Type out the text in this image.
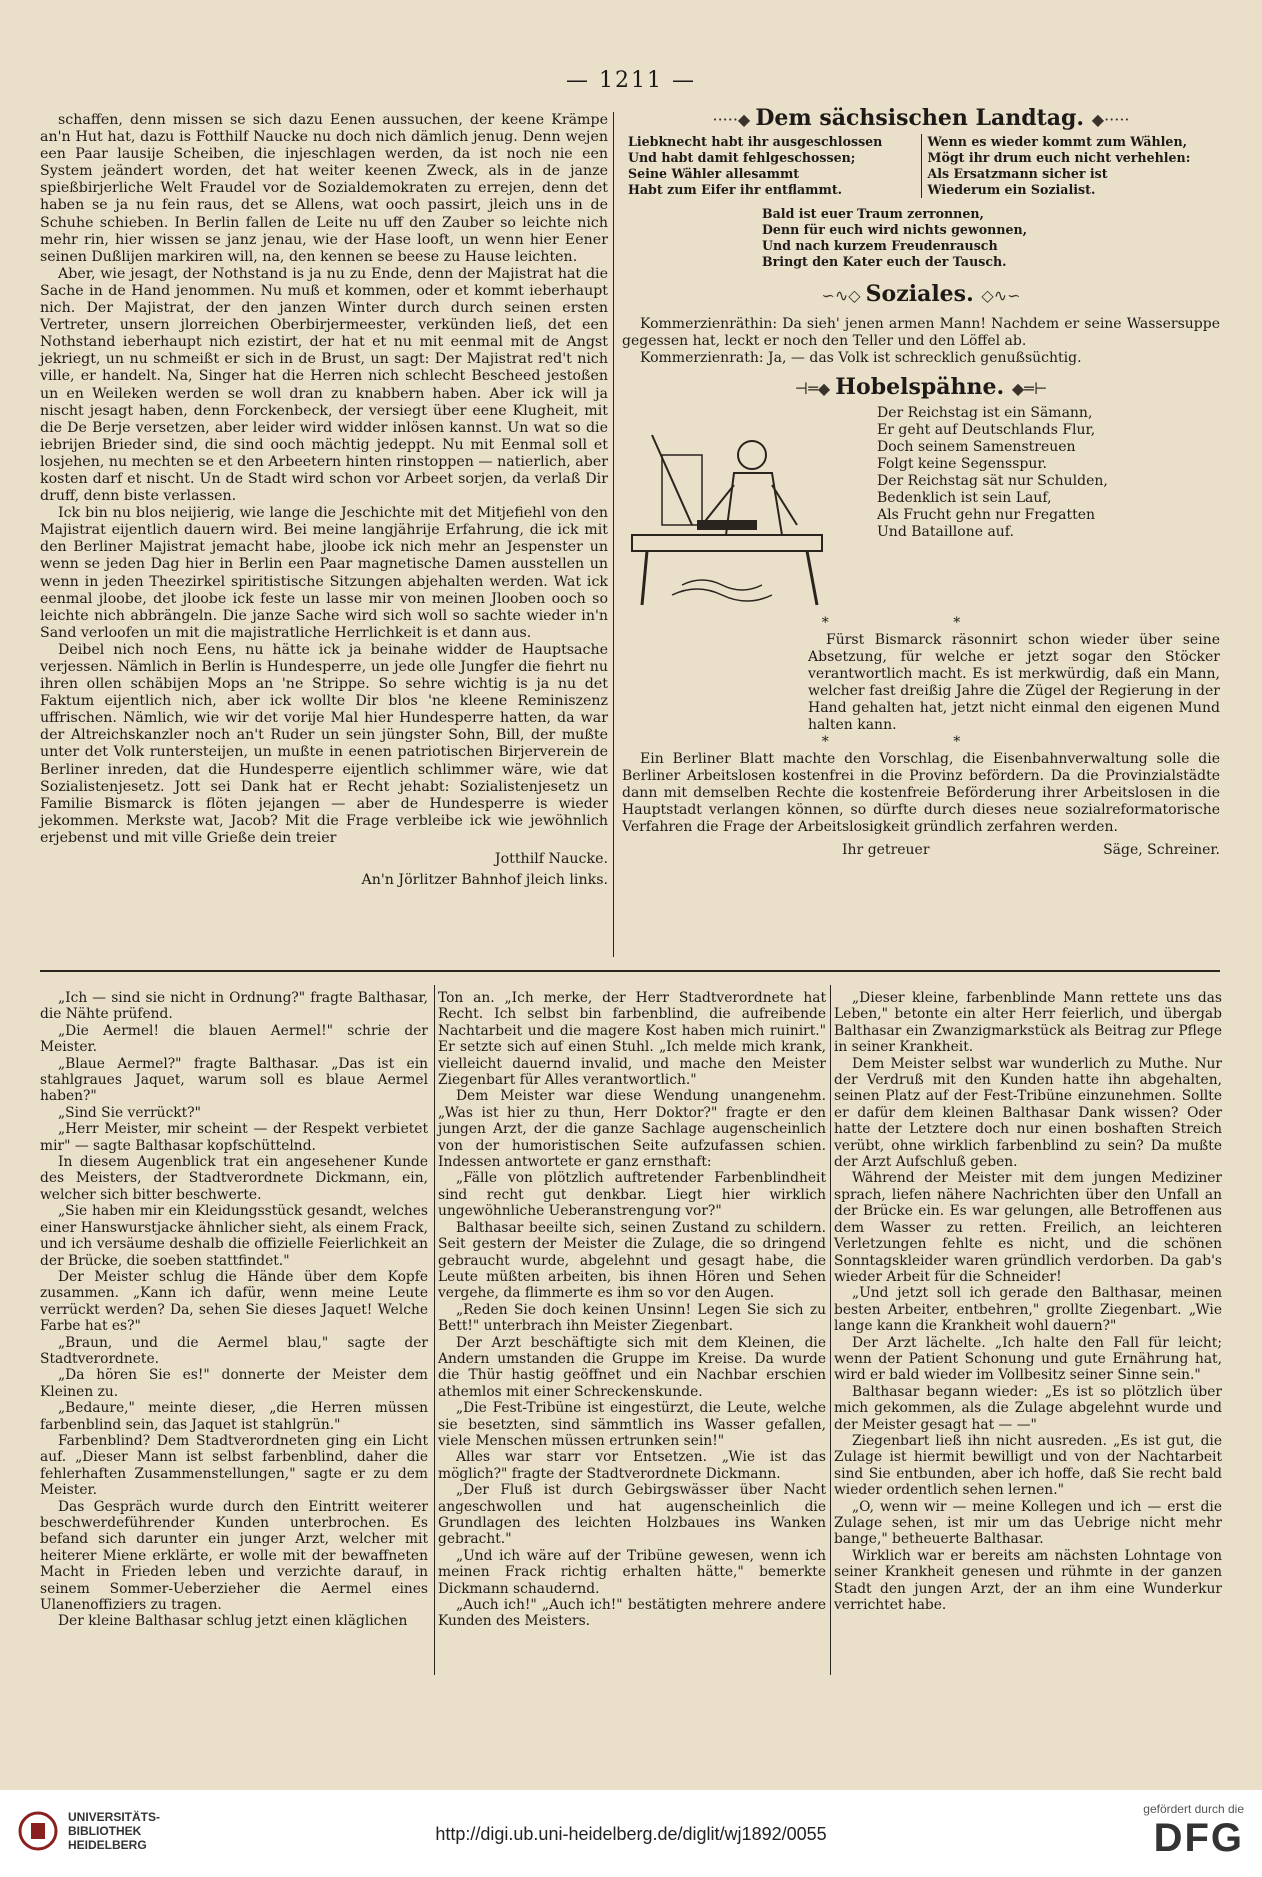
— 1211 —

schaffen, denn missen se sich dazu Eenen aussuchen, der keene Krämpe an'n Hut hat, dazu is Fotthilf Naucke nu doch nich dämlich jenug. Denn wejen een Paar lausije Scheiben, die injeschlagen werden, da ist noch nie een System jeändert worden, det hat weiter keenen Zweck, als in de janze spießbirjerliche Welt Fraudel vor de Sozialdemokraten zu errejen, denn det haben se ja nu fein raus, det se Allens, wat ooch passirt, jleich uns in de Schuhe schieben. In Berlin fallen de Leite nu uff den Zauber so leichte nich mehr rin, hier wissen se janz jenau, wie der Hase looft, un wenn hier Eener seinen Dußlijen markiren will, na, den kennen se beese zu Hause leichten.

Aber, wie jesagt, der Nothstand is ja nu zu Ende, denn der Majistrat hat die Sache in de Hand jenommen. Nu muß et kommen, oder et kommt ieberhaupt nich. Der Majistrat, der den janzen Winter durch durch seinen ersten Vertreter, unsern jlorreichen Oberbirjermeester, verkünden ließ, det een Nothstand ieberhaupt nich ezistirt, der hat et nu mit eenmal mit de Angst jekriegt, un nu schmeißt er sich in de Brust, un sagt: Der Majistrat red't nich ville, er handelt. Na, Singer hat die Herren nich schlecht Bescheed jestoßen un en Weileken werden se woll dran zu knabbern haben. Aber ick will ja nischt jesagt haben, denn Forckenbeck, der versiegt über eene Klugheit, mit die De Berje versetzen, aber leider wird widder inlösen kannst. Un wat so die iebrijen Brieder sind, die sind ooch mächtig jedeppt. Nu mit Eenmal soll et losjehen, nu mechten se et den Arbeetern hinten rinstoppen — natierlich, aber kosten darf et nischt. Un de Stadt wird schon vor Arbeet sorjen, da verlaß Dir druff, denn biste verlassen.

Ick bin nu blos neijierig, wie lange die Jeschichte mit det Mitjefiehl von den Majistrat eijentlich dauern wird. Bei meine langjährije Erfahrung, die ick mit den Berliner Majistrat jemacht habe, jloobe ick nich mehr an Jespenster un wenn se jeden Dag hier in Berlin een Paar magnetische Damen ausstellen un wenn in jeden Theezirkel spiritistische Sitzungen abjehalten werden. Wat ick eenmal jloobe, det jloobe ick feste un lasse mir von meinen Jlooben ooch so leichte nich abbrängeln. Die janze Sache wird sich woll so sachte wieder in'n Sand verloofen un mit die majistratliche Herrlichkeit is et dann aus.

Deibel nich noch Eens, nu hätte ick ja beinahe widder de Hauptsache verjessen. Nämlich in Berlin is Hundesperre, un jede olle Jungfer die fiehrt nu ihren ollen schäbijen Mops an 'ne Strippe. So sehre wichtig is ja nu det Faktum eijentlich nich, aber ick wollte Dir blos 'ne kleene Reminiszenz uffrischen. Nämlich, wie wir det vorije Mal hier Hundesperre hatten, da war der Altreichskanzler noch an't Ruder un sein jüngster Sohn, Bill, der mußte unter det Volk runtersteijen, un mußte in eenen patriotischen Birjerverein de Berliner inreden, dat die Hundesperre eijentlich schlimmer wäre, wie dat Sozialistenjesetz. Jott sei Dank hat er Recht jehabt: Sozialistenjesetz un Familie Bismarck is flöten jejangen — aber de Hundesperre is wieder jekommen. Merkste wat, Jacob? Mit die Frage verbleibe ick wie jewöhnlich erjebenst und mit ville Grieße dein treier

Jotthilf Naucke.
An'n Jörlitzer Bahnhof jleich links.
·····◆ Dem sächsischen Landtag. ◆·····
Liebknecht habt ihr ausgeschlossen
Und habt damit fehlgeschossen;
Seine Wähler allesammt
Habt zum Eifer ihr entflammt.
Wenn es wieder kommt zum Wählen,
Mögt ihr drum euch nicht verhehlen:
Als Ersatzmann sicher ist
Wiederum ein Sozialist.
Bald ist euer Traum zerronnen,
Denn für euch wird nichts gewonnen,
Und nach kurzem Freudenrausch
Bringt den Kater euch der Tausch.
∽∿◇ Soziales. ◇∿∽

Kommerzienräthin: Da sieh' jenen armen Mann! Nachdem er seine Wassersuppe gegessen hat, leckt er noch den Teller und den Löffel ab.

Kommerzienrath: Ja, — das Volk ist schrecklich genußsüchtig.

⊣═◆ Hobelspähne. ◆═⊢
Der Reichstag ist ein Sämann,
Er geht auf Deutschlands Flur,
Doch seinem Samenstreuen
Folgt keine Segensspur.
Der Reichstag sät nur Schulden,
Bedenklich ist sein Lauf,
Als Frucht gehn nur Fregatten
Und Bataillone auf.
* *

Fürst Bismarck räsonnirt schon wieder über seine Absetzung, für welche er jetzt sogar den Stöcker verantwortlich macht. Es ist merkwürdig, daß ein Mann, welcher fast dreißig Jahre die Zügel der Regierung in der Hand gehalten hat, jetzt nicht einmal den eigenen Mund halten kann.

* *

Ein Berliner Blatt machte den Vorschlag, die Eisenbahnverwaltung solle die Berliner Arbeitslosen kostenfrei in die Provinz befördern. Da die Provinzialstädte dann mit demselben Rechte die kostenfreie Beförderung ihrer Arbeitslosen in die Hauptstadt verlangen können, so dürfte durch dieses neue sozialreformatorische Verfahren die Frage der Arbeitslosigkeit gründlich zerfahren werden.

Ihr getreuer	Säge, Schreiner.

„Ich — sind sie nicht in Ordnung?" fragte Balthasar, die Nähte prüfend.

„Die Aermel! die blauen Aermel!" schrie der Meister.

„Blaue Aermel?" fragte Balthasar. „Das ist ein stahlgraues Jaquet, warum soll es blaue Aermel haben?"

„Sind Sie verrückt?"

„Herr Meister, mir scheint — der Respekt verbietet mir" — sagte Balthasar kopfschüttelnd.

In diesem Augenblick trat ein angesehener Kunde des Meisters, der Stadtverordnete Dickmann, ein, welcher sich bitter beschwerte.

„Sie haben mir ein Kleidungsstück gesandt, welches einer Hanswurstjacke ähnlicher sieht, als einem Frack, und ich versäume deshalb die offizielle Feierlichkeit an der Brücke, die soeben stattfindet."

Der Meister schlug die Hände über dem Kopfe zusammen. „Kann ich dafür, wenn meine Leute verrückt werden? Da, sehen Sie dieses Jaquet! Welche Farbe hat es?"

„Braun, und die Aermel blau," sagte der Stadtverordnete.

„Da hören Sie es!" donnerte der Meister dem Kleinen zu.

„Bedaure," meinte dieser, „die Herren müssen farbenblind sein, das Jaquet ist stahlgrün."

Farbenblind? Dem Stadtverordneten ging ein Licht auf. „Dieser Mann ist selbst farbenblind, daher die fehlerhaften Zusammenstellungen," sagte er zu dem Meister.

Das Gespräch wurde durch den Eintritt weiterer beschwerdeführender Kunden unterbrochen. Es befand sich darunter ein junger Arzt, welcher mit heiterer Miene erklärte, er wolle mit der bewaffneten Macht in Frieden leben und verzichte darauf, in seinem Sommer-Ueberzieher die Aermel eines Ulanenoffiziers zu tragen.

Der kleine Balthasar schlug jetzt einen kläglichen

Ton an. „Ich merke, der Herr Stadtverordnete hat Recht. Ich selbst bin farbenblind, die aufreibende Nachtarbeit und die magere Kost haben mich ruinirt." Er setzte sich auf einen Stuhl. „Ich melde mich krank, vielleicht dauernd invalid, und mache den Meister Ziegenbart für Alles verantwortlich."

Dem Meister war diese Wendung unangenehm. „Was ist hier zu thun, Herr Doktor?" fragte er den jungen Arzt, der die ganze Sachlage augenscheinlich von der humoristischen Seite aufzufassen schien. Indessen antwortete er ganz ernsthaft:

„Fälle von plötzlich auftretender Farbenblindheit sind recht gut denkbar. Liegt hier wirklich ungewöhnliche Ueberanstrengung vor?"

Balthasar beeilte sich, seinen Zustand zu schildern. Seit gestern der Meister die Zulage, die so dringend gebraucht wurde, abgelehnt und gesagt habe, die Leute müßten arbeiten, bis ihnen Hören und Sehen vergehe, da flimmerte es ihm so vor den Augen.

„Reden Sie doch keinen Unsinn! Legen Sie sich zu Bett!" unterbrach ihn Meister Ziegenbart.

Der Arzt beschäftigte sich mit dem Kleinen, die Andern umstanden die Gruppe im Kreise. Da wurde die Thür hastig geöffnet und ein Nachbar erschien athemlos mit einer Schreckenskunde.

„Die Fest-Tribüne ist eingestürzt, die Leute, welche sie besetzten, sind sämmtlich ins Wasser gefallen, viele Menschen müssen ertrunken sein!"

Alles war starr vor Entsetzen. „Wie ist das möglich?" fragte der Stadtverordnete Dickmann.

„Der Fluß ist durch Gebirgswässer über Nacht angeschwollen und hat augenscheinlich die Grundlagen des leichten Holzbaues ins Wanken gebracht."

„Und ich wäre auf der Tribüne gewesen, wenn ich meinen Frack richtig erhalten hätte," bemerkte Dickmann schaudernd.

„Auch ich!" „Auch ich!" bestätigten mehrere andere Kunden des Meisters.

„Dieser kleine, farbenblinde Mann rettete uns das Leben," betonte ein alter Herr feierlich, und übergab Balthasar ein Zwanzigmarkstück als Beitrag zur Pflege in seiner Krankheit.

Dem Meister selbst war wunderlich zu Muthe. Nur der Verdruß mit den Kunden hatte ihn abgehalten, seinen Platz auf der Fest-Tribüne einzunehmen. Sollte er dafür dem kleinen Balthasar Dank wissen? Oder hatte der Letztere doch nur einen boshaften Streich verübt, ohne wirklich farbenblind zu sein? Da mußte der Arzt Aufschluß geben.

Während der Meister mit dem jungen Mediziner sprach, liefen nähere Nachrichten über den Unfall an der Brücke ein. Es war gelungen, alle Betroffenen aus dem Wasser zu retten. Freilich, an leichteren Verletzungen fehlte es nicht, und die schönen Sonntagskleider waren gründlich verdorben. Da gab's wieder Arbeit für die Schneider!

„Und jetzt soll ich gerade den Balthasar, meinen besten Arbeiter, entbehren," grollte Ziegenbart. „Wie lange kann die Krankheit wohl dauern?"

Der Arzt lächelte. „Ich halte den Fall für leicht; wenn der Patient Schonung und gute Ernährung hat, wird er bald wieder im Vollbesitz seiner Sinne sein."

Balthasar begann wieder: „Es ist so plötzlich über mich gekommen, als die Zulage abgelehnt wurde und der Meister gesagt hat — —"

Ziegenbart ließ ihn nicht ausreden. „Es ist gut, die Zulage ist hiermit bewilligt und von der Nachtarbeit sind Sie entbunden, aber ich hoffe, daß Sie recht bald wieder ordentlich sehen lernen."

„O, wenn wir — meine Kollegen und ich — erst die Zulage sehen, ist mir um das Uebrige nicht mehr bange," betheuerte Balthasar.

Wirklich war er bereits am nächsten Lohntage von seiner Krankheit genesen und rühmte in der ganzen Stadt den jungen Arzt, der an ihm eine Wunderkur verrichtet habe.

UNIVERSITÄTS-
BIBLIOTHEK
HEIDELBERG
http://digi.ub.uni-heidelberg.de/diglit/wj1892/0055
gefördert durch die
DFG
